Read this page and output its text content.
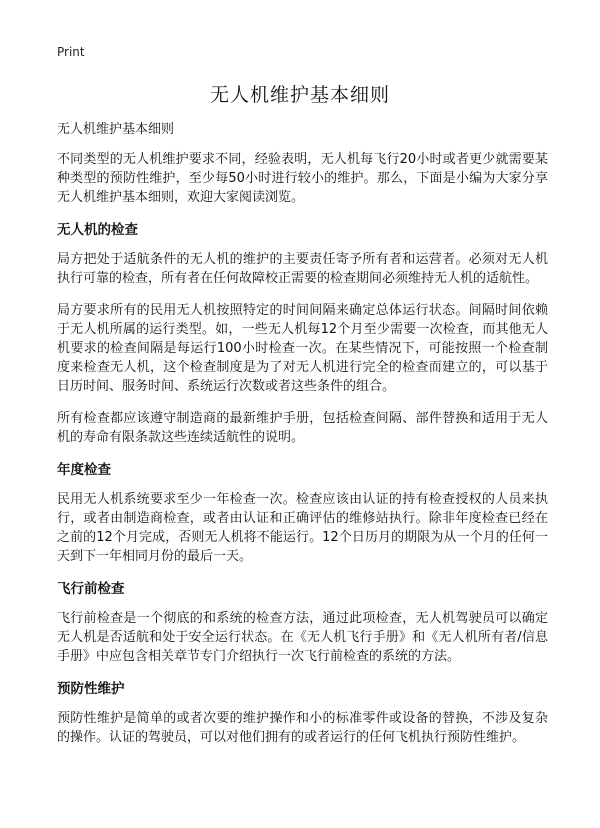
Print
无人机维护基本细则
无人机维护基本细则

不同类型的无人机维护要求不同，经验表明，无人机每飞行20小时或者更少就需要某种类型的预防性维护，至少每50小时进行较小的维护。那么，下面是小编为大家分享无人机维护基本细则，欢迎大家阅读浏览。

无人机的检查

局方把处于适航条件的无人机的维护的主要责任寄予所有者和运营者。必须对无人机执行可靠的检查，所有者在任何故障校正需要的检查期间必须维持无人机的适航性。

局方要求所有的民用无人机按照特定的时间间隔来确定总体运行状态。间隔时间依赖于无人机所属的运行类型。如，一些无人机每12个月至少需要一次检查，而其他无人机要求的检查间隔是每运行100小时检查一次。在某些情况下，可能按照一个检查制度来检查无人机，这个检查制度是为了对无人机进行完全的检查而建立的，可以基于日历时间、服务时间、系统运行次数或者这些条件的组合。

所有检查都应该遵守制造商的最新维护手册，包括检查间隔、部件替换和适用于无人机的寿命有限条款这些连续适航性的说明。

年度检查

民用无人机系统要求至少一年检查一次。检查应该由认证的持有检查授权的人员来执行，或者由制造商检查，或者由认证和正确评估的维修站执行。除非年度检查已经在之前的12个月完成，否则无人机将不能运行。12个日历月的期限为从一个月的任何一天到下一年相同月份的最后一天。

飞行前检查

飞行前检查是一个彻底的和系统的检查方法，通过此项检查，无人机驾驶员可以确定无人机是否适航和处于安全运行状态。在《无人机飞行手册》和《无人机所有者/信息手册》中应包含相关章节专门介绍执行一次飞行前检查的系统的方法。

预防性维护

预防性维护是简单的或者次要的维护操作和小的标准零件或设备的替换，不涉及复杂的操作。认证的驾驶员，可以对他们拥有的或者运行的任何飞机执行预防性维护。
